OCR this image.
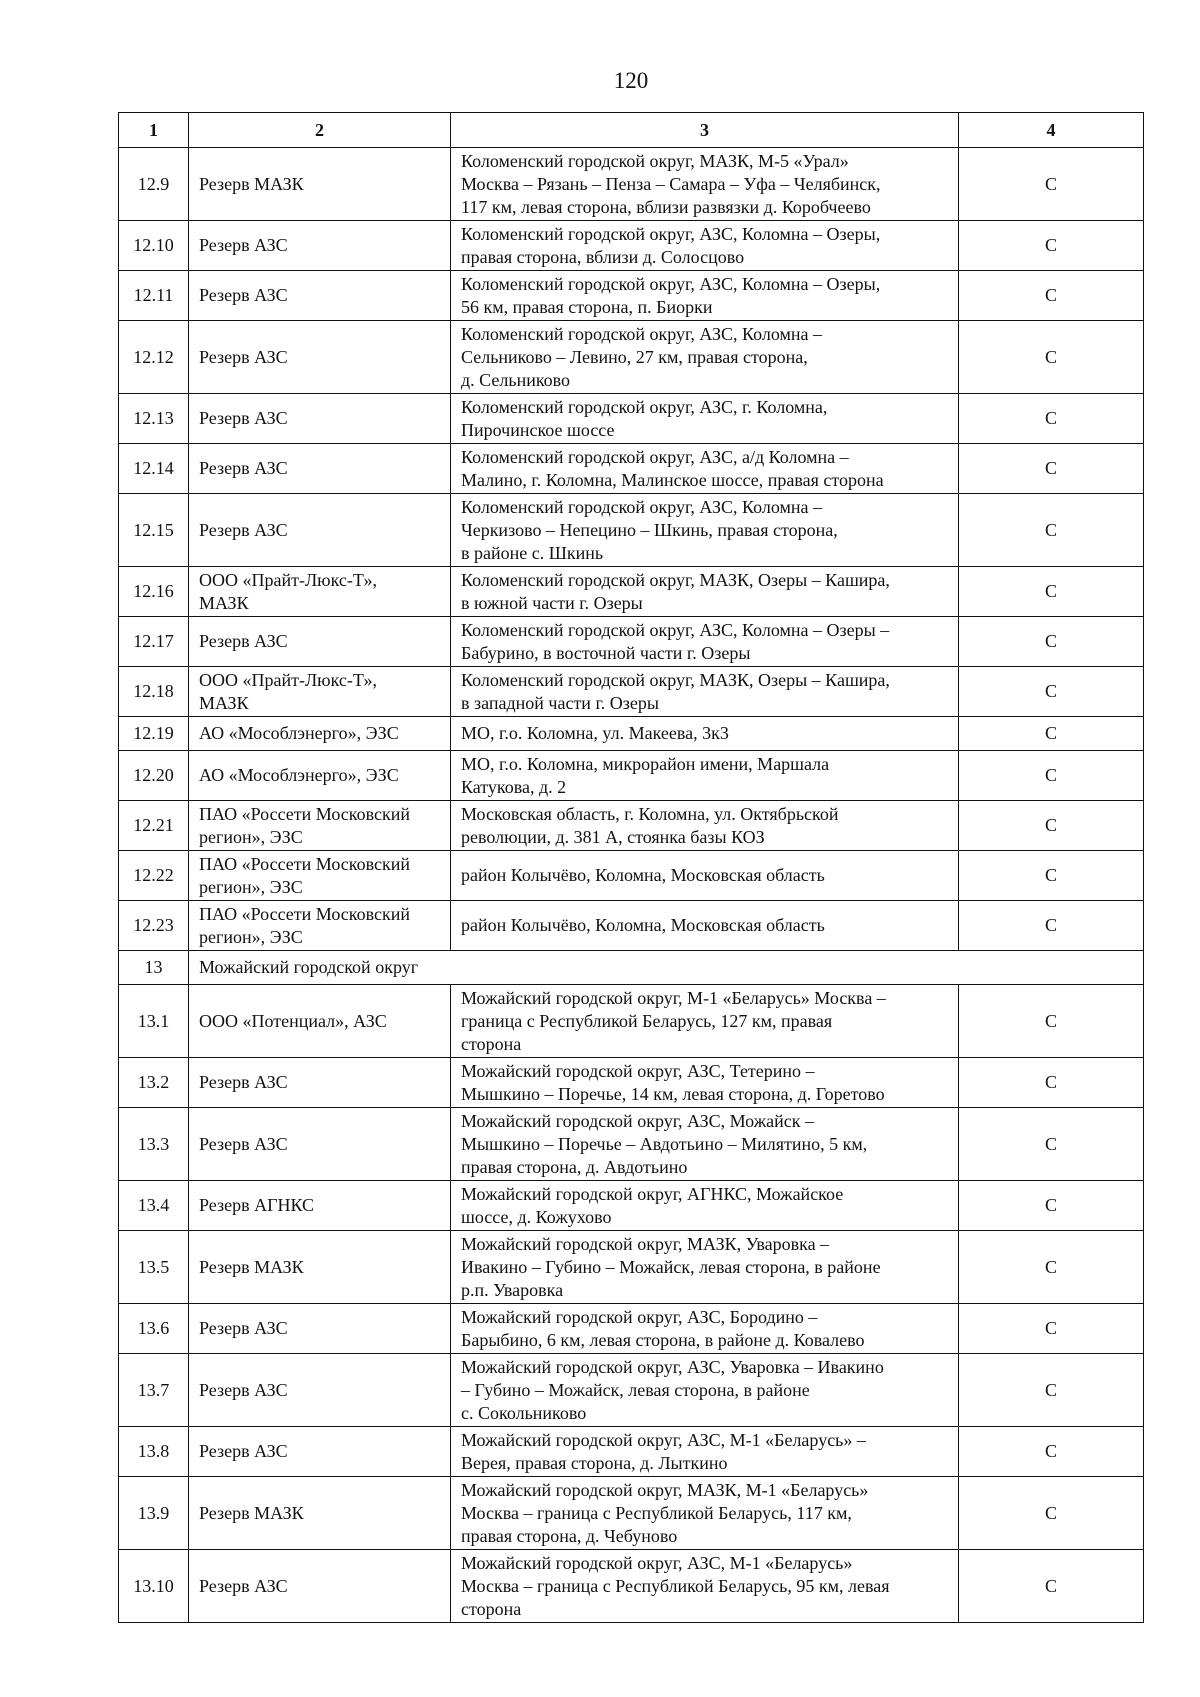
120
1	2	3	4
12.9	Резерв МАЗК	Коломенский городской округ, МАЗК, М-5 «Урал»
Москва – Рязань – Пенза – Самара – Уфа – Челябинск,
117 км, левая сторона, вблизи развязки д. Коробчеево	С
12.10	Резерв АЗС	Коломенский городской округ, АЗС, Коломна – Озеры,
правая сторона, вблизи д. Солосцово	С
12.11	Резерв АЗС	Коломенский городской округ, АЗС, Коломна – Озеры,
56 км, правая сторона, п. Биорки	С
12.12	Резерв АЗС	Коломенский городской округ, АЗС, Коломна –
Сельниково – Левино, 27 км, правая сторона,
д. Сельниково	С
12.13	Резерв АЗС	Коломенский городской округ, АЗС, г. Коломна,
Пирочинское шоссе	С
12.14	Резерв АЗС	Коломенский городской округ, АЗС, а/д Коломна –
Малино, г. Коломна, Малинское шоссе, правая сторона	С
12.15	Резерв АЗС	Коломенский городской округ, АЗС, Коломна –
Черкизово – Непецино – Шкинь, правая сторона,
в районе с. Шкинь	С
12.16	ООО «Прайт-Люкс-Т»,
МАЗК	Коломенский городской округ, МАЗК, Озеры – Кашира,
в южной части г. Озеры	С
12.17	Резерв АЗС	Коломенский городской округ, АЗС, Коломна – Озеры –
Бабурино, в восточной части г. Озеры	С
12.18	ООО «Прайт-Люкс-Т»,
МАЗК	Коломенский городской округ, МАЗК, Озеры – Кашира,
в западной части г. Озеры	С
12.19	АО «Мособлэнерго», ЭЗС	МО, г.о. Коломна, ул. Макеева, 3к3	С
12.20	АО «Мособлэнерго», ЭЗС	МО, г.о. Коломна, микрорайон имени, Маршала
Катукова, д. 2	С
12.21	ПАО «Россети Московский
регион», ЭЗС	Московская область, г. Коломна, ул. Октябрьской
революции, д. 381 А, стоянка базы КОЗ	С
12.22	ПАО «Россети Московский
регион», ЭЗС	район Колычёво, Коломна, Московская область	С
12.23	ПАО «Россети Московский
регион», ЭЗС	район Колычёво, Коломна, Московская область	С
13	Можайский городской округ		
13.1	ООО «Потенциал», АЗС	Можайский городской округ, М-1 «Беларусь» Москва –
граница с Республикой Беларусь, 127 км, правая
сторона	С
13.2	Резерв АЗС	Можайский городской округ, АЗС, Тетерино –
Мышкино – Поречье, 14 км, левая сторона, д. Горетово	С
13.3	Резерв АЗС	Можайский городской округ, АЗС, Можайск –
Мышкино – Поречье – Авдотьино – Милятино, 5 км,
правая сторона, д. Авдотьино	С
13.4	Резерв АГНКС	Можайский городской округ, АГНКС, Можайское
шоссе, д. Кожухово	С
13.5	Резерв МАЗК	Можайский городской округ, МАЗК, Уваровка –
Ивакино – Губино – Можайск, левая сторона, в районе
р.п. Уваровка	С
13.6	Резерв АЗС	Можайский городской округ, АЗС, Бородино –
Барыбино, 6 км, левая сторона, в районе д. Ковалево	С
13.7	Резерв АЗС	Можайский городской округ, АЗС, Уваровка – Ивакино
– Губино – Можайск, левая сторона, в районе
с. Сокольниково	С
13.8	Резерв АЗС	Можайский городской округ, АЗС, М-1 «Беларусь» –
Верея, правая сторона, д. Лыткино	С
13.9	Резерв МАЗК	Можайский городской округ, МАЗК, М-1 «Беларусь»
Москва – граница с Республикой Беларусь, 117 км,
правая сторона, д. Чебуново	С
13.10	Резерв АЗС	Можайский городской округ, АЗС, М-1 «Беларусь»
Москва – граница с Республикой Беларусь, 95 км, левая
сторона	С
